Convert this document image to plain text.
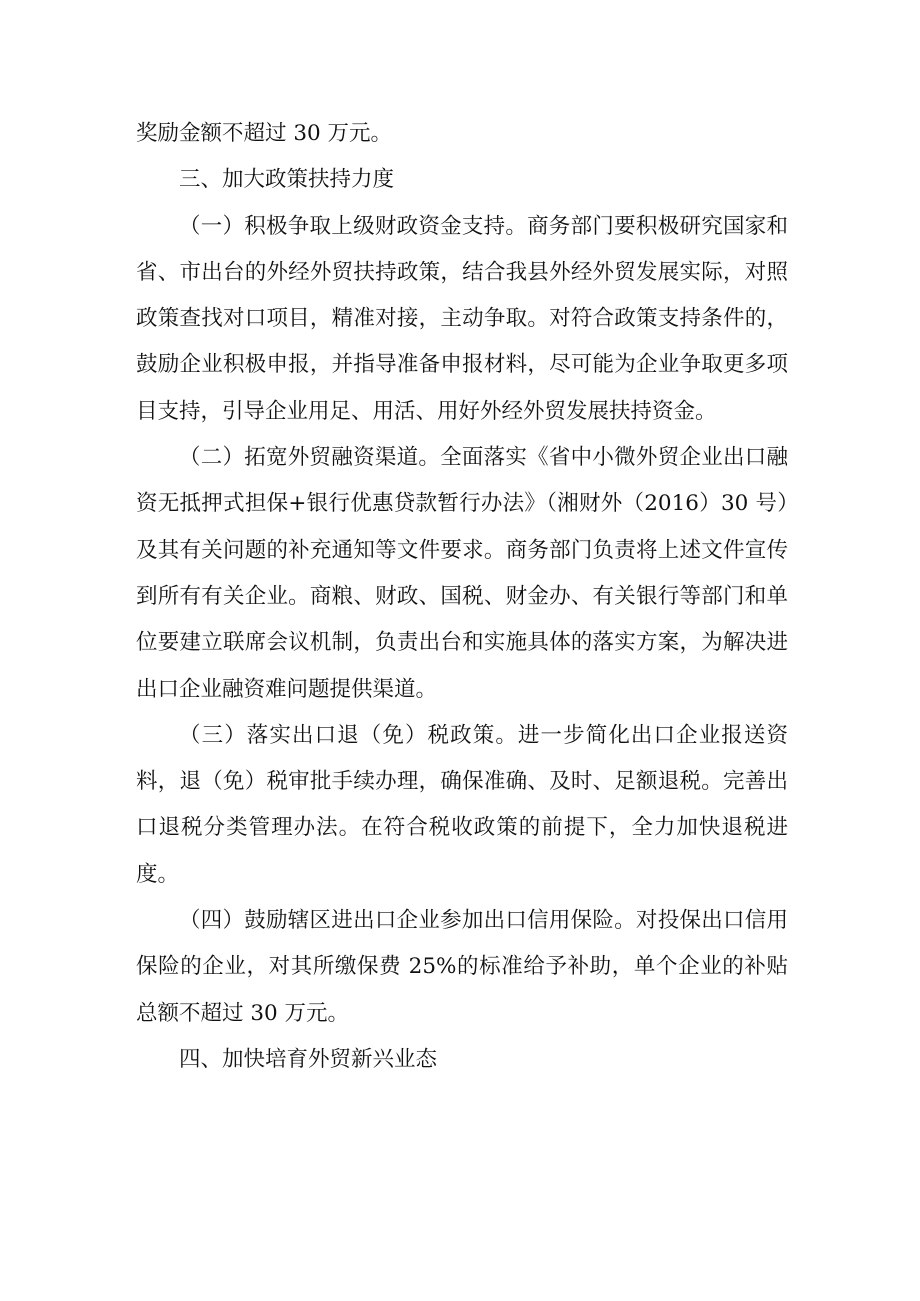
奖励金额不超过 30 万元。

三、加大政策扶持力度

（一）积极争取上级财政资金支持。商务部门要积极研究国家和省、市出台的外经外贸扶持政策，结合我县外经外贸发展实际，对照政策查找对口项目，精准对接，主动争取。对符合政策支持条件的，鼓励企业积极申报，并指导准备申报材料，尽可能为企业争取更多项目支持，引导企业用足、用活、用好外经外贸发展扶持资金。

（二）拓宽外贸融资渠道。全面落实《省中小微外贸企业出口融资无抵押式担保+银行优惠贷款暂行办法》（湘财外（2016）30 号）及其有关问题的补充通知等文件要求。商务部门负责将上述文件宣传到所有有关企业。商粮、财政、国税、财金办、有关银行等部门和单位要建立联席会议机制，负责出台和实施具体的落实方案，为解决进出口企业融资难问题提供渠道。

（三）落实出口退（免）税政策。进一步简化出口企业报送资料，退（免）税审批手续办理，确保准确、及时、足额退税。完善出口退税分类管理办法。在符合税收政策的前提下，全力加快退税进度。

（四）鼓励辖区进出口企业参加出口信用保险。对投保出口信用保险的企业，对其所缴保费 25%的标准给予补助，单个企业的补贴总额不超过 30 万元。

四、加快培育外贸新兴业态
